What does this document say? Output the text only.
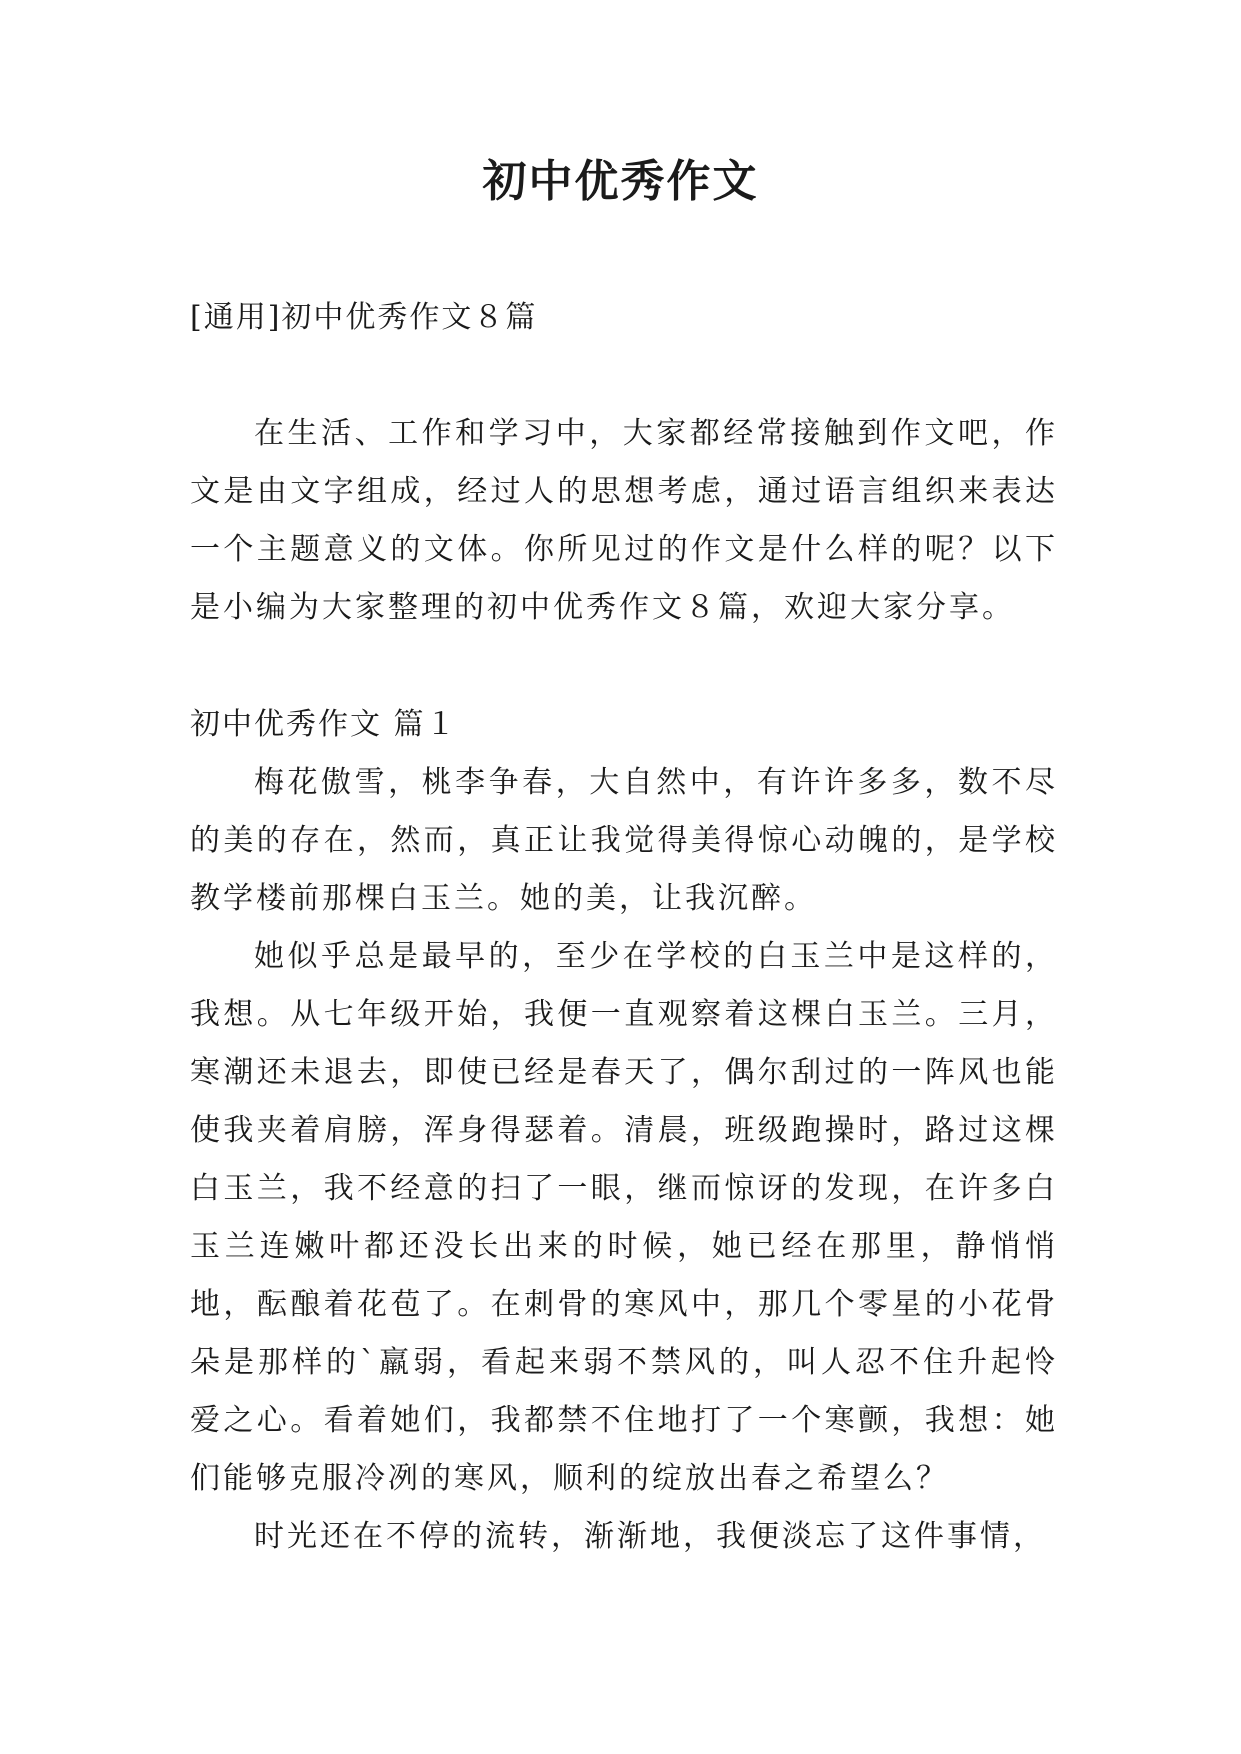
初中优秀作文
[通用]初中优秀作文８篇

在生活、工作和学习中，大家都经常接触到作文吧，作文是由文字组成，经过人的思想考虑，通过语言组织来表达一个主题意义的文体。你所见过的作文是什么样的呢？以下是小编为大家整理的初中优秀作文８篇，欢迎大家分享。

初中优秀作文 篇１

梅花傲雪，桃李争春，大自然中，有许许多多，数不尽的美的存在，然而，真正让我觉得美得惊心动魄的，是学校教学楼前那棵白玉兰。她的美，让我沉醉。

她似乎总是最早的，至少在学校的白玉兰中是这样的，我想。从七年级开始，我便一直观察着这棵白玉兰。三月，寒潮还未退去，即使已经是春天了，偶尔刮过的一阵风也能使我夹着肩膀，浑身得瑟着。清晨，班级跑操时，路过这棵白玉兰，我不经意的扫了一眼，继而惊讶的发现，在许多白玉兰连嫩叶都还没长出来的时候，她已经在那里，静悄悄地，酝酿着花苞了。在刺骨的寒风中，那几个零星的小花骨朵是那样的`羸弱，看起来弱不禁风的，叫人忍不住升起怜爱之心。看着她们，我都禁不住地打了一个寒颤，我想：她们能够克服冷冽的寒风，顺利的绽放出春之希望么？

时光还在不停的流转，渐渐地，我便淡忘了这件事情，
